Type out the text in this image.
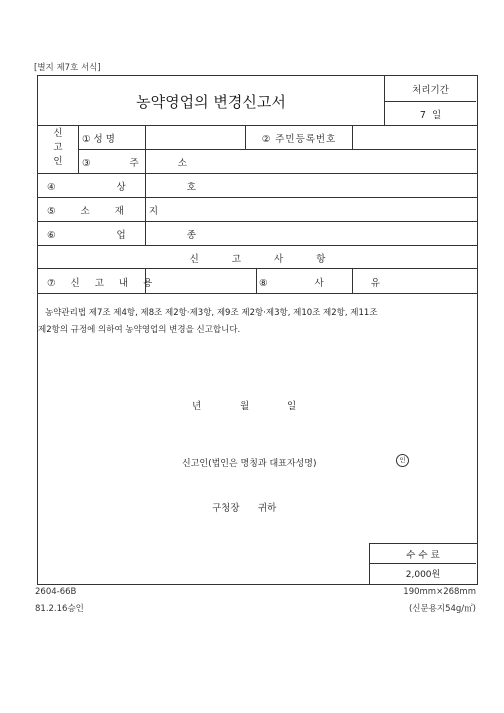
[별지 제7호 서식]
농약영업의 변경신고서
처리기간
7  일
신
고
인
① 성 명	② 주민등록번호
③ 주 소
④ 상 호
⑤ 소 재 지
⑥ 업 종
신 고 사 항
⑦ 신 고 내 용	⑧ 사 유
농약관리법 제7조 제4항, 제8조 제2항·제3항, 제9조 제2항·제3항, 제10조 제2항, 제11조
제2항의 규정에 의하여 농약영업의 변경을 신고합니다.
년	월	일
신고인(법인은 명칭과 대표자성명)	인
구청장 귀하
수 수 료
2,000원
2604-66B
81.2.16승인
190mm×268mm
(신문용지54g/㎡)
